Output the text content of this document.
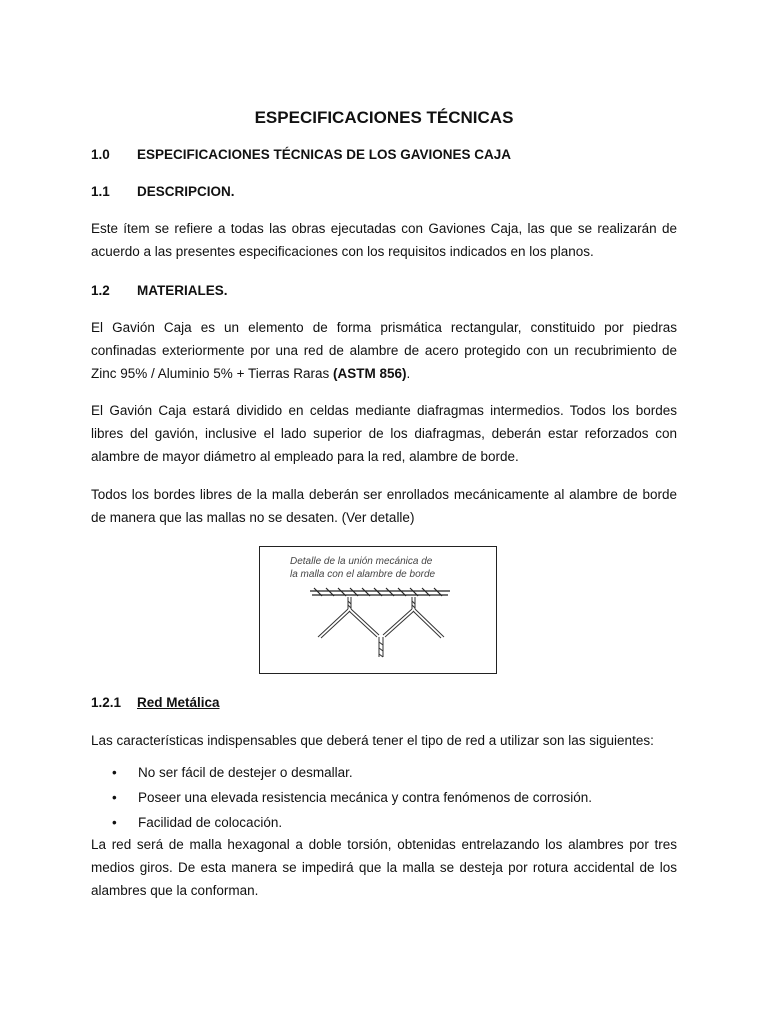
ESPECIFICACIONES TÉCNICAS
1.0 ESPECIFICACIONES TÉCNICAS DE LOS GAVIONES CAJA
1.1 DESCRIPCION.
Este ítem se refiere a todas las obras ejecutadas con Gaviones Caja, las que se realizarán de acuerdo a las presentes especificaciones con los requisitos indicados en los planos.
1.2 MATERIALES.
El Gavión Caja es un elemento de forma prismática rectangular, constituido por piedras confinadas exteriormente por una red de alambre de acero protegido con un recubrimiento de Zinc 95% / Aluminio 5% + Tierras Raras (ASTM 856).
El Gavión Caja estará dividido en celdas mediante diafragmas intermedios. Todos los bordes libres del gavión, inclusive el lado superior de los diafragmas, deberán estar reforzados con alambre de mayor diámetro al empleado para la red, alambre de borde.
Todos los bordes libres de la malla deberán ser enrollados mecánicamente al alambre de borde de manera que las mallas no se desaten. (Ver detalle)
Detalle de la unión mecánica de
la malla con el alambre de borde
1.2.1 Red Metálica
Las características indispensables que deberá tener el tipo de red a utilizar son las siguientes:
• No ser fácil de destejer o desmallar.
• Poseer una elevada resistencia mecánica y contra fenómenos de corrosión.
• Facilidad de colocación.
La red será de malla hexagonal a doble torsión, obtenidas entrelazando los alambres por tres medios giros. De esta manera se impedirá que la malla se desteja por rotura accidental de los alambres que la conforman.
